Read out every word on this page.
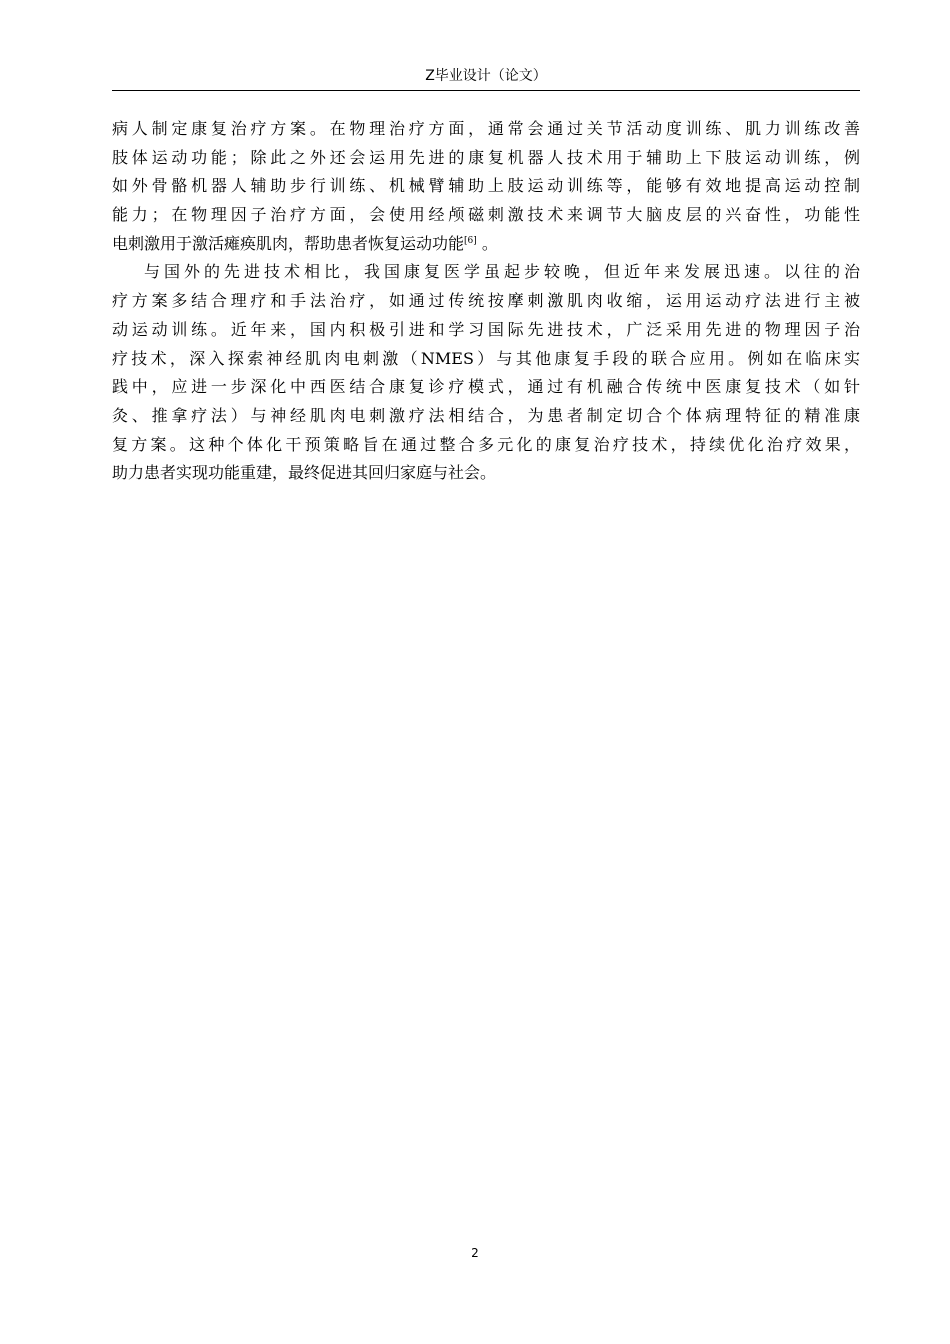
Z毕业设计（论文）
病人制定康复治疗方案。在物理治疗方面，通常会通过关节活动度训练、肌力训练改善
肢体运动功能；除此之外还会运用先进的康复机器人技术用于辅助上下肢运动训练，例
如外骨骼机器人辅助步行训练、机械臂辅助上肢运动训练等，能够有效地提高运动控制
能力；在物理因子治疗方面，会使用经颅磁刺激技术来调节大脑皮层的兴奋性，功能性
电刺激用于激活瘫痪肌肉，帮助患者恢复运动功能[6] 。
与国外的先进技术相比，我国康复医学虽起步较晚，但近年来发展迅速。以往的治
疗方案多结合理疗和手法治疗，如通过传统按摩刺激肌肉收缩，运用运动疗法进行主被
动运动训练。近年来，国内积极引进和学习国际先进技术，广泛采用先进的物理因子治
疗技术，深入探索神经肌肉电刺激（NMES）与其他康复手段的联合应用。例如在临床实
践中，应进一步深化中西医结合康复诊疗模式，通过有机融合传统中医康复技术（如针
灸、推拿疗法）与神经肌肉电刺激疗法相结合，为患者制定切合个体病理特征的精准康
复方案。这种个体化干预策略旨在通过整合多元化的康复治疗技术，持续优化治疗效果，
助力患者实现功能重建，最终促进其回归家庭与社会。
2
